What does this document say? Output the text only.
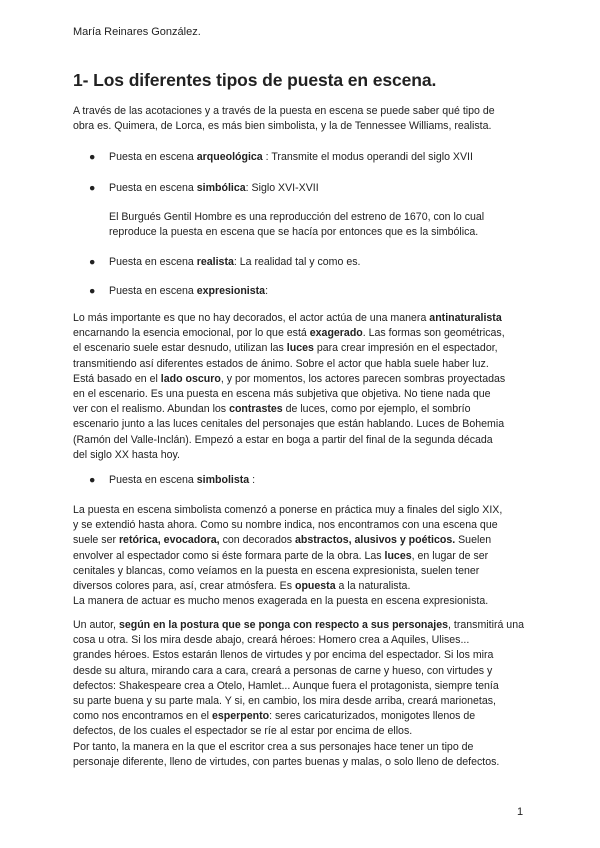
María Reinares González.
1- Los diferentes tipos de puesta en escena.

A través de las acotaciones y a través de la puesta en escena se puede saber qué tipo de
obra es. Quimera, de Lorca, es más bien simbolista, y la de Tennessee Williams, realista.

● Puesta en escena arqueológica : Transmite el modus operandi del siglo XVII
● Puesta en escena simbólica: Siglo XVI-XVII

El Burgués Gentil Hombre es una reproducción del estreno de 1670, con lo cual
reproduce la puesta en escena que se hacía por entonces que es la simbólica.

● Puesta en escena realista: La realidad tal y como es.
● Puesta en escena expresionista:

Lo más importante es que no hay decorados, el actor actúa de una manera antinaturalista
encarnando la esencia emocional, por lo que está exagerado. Las formas son geométricas,
el escenario suele estar desnudo, utilizan las luces para crear impresión en el espectador,
transmitiendo así diferentes estados de ánimo. Sobre el actor que habla suele haber luz.
Está basado en el lado oscuro, y por momentos, los actores parecen sombras proyectadas
en el escenario. Es una puesta en escena más subjetiva que objetiva. No tiene nada que
ver con el realismo. Abundan los contrastes de luces, como por ejemplo, el sombrío
escenario junto a las luces cenitales del personajes que están hablando. Luces de Bohemia
(Ramón del Valle-Inclán). Empezó a estar en boga a partir del final de la segunda década
del siglo XX hasta hoy.

● Puesta en escena simbolista :

La puesta en escena simbolista comenzó a ponerse en práctica muy a finales del siglo XIX,
y se extendió hasta ahora. Como su nombre indica, nos encontramos con una escena que
suele ser retórica, evocadora, con decorados abstractos, alusivos y poéticos. Suelen
envolver al espectador como si éste formara parte de la obra. Las luces, en lugar de ser
cenitales y blancas, como veíamos en la puesta en escena expresionista, suelen tener
diversos colores para, así, crear atmósfera. Es opuesta a la naturalista.
La manera de actuar es mucho menos exagerada en la puesta en escena expresionista.

Un autor, según en la postura que se ponga con respecto a sus personajes, transmitirá una
cosa u otra. Si los mira desde abajo, creará héroes: Homero crea a Aquiles, Ulises...
grandes héroes. Estos estarán llenos de virtudes y por encima del espectador. Si los mira
desde su altura, mirando cara a cara, creará a personas de carne y hueso, con virtudes y
defectos: Shakespeare crea a Otelo, Hamlet... Aunque fuera el protagonista, siempre tenía
su parte buena y su parte mala. Y si, en cambio, los mira desde arriba, creará marionetas,
como nos encontramos en el esperpento: seres caricaturizados, monigotes llenos de
defectos, de los cuales el espectador se ríe al estar por encima de ellos.
Por tanto, la manera en la que el escritor crea a sus personajes hace tener un tipo de
personaje diferente, lleno de virtudes, con partes buenas y malas, o solo lleno de defectos.

1
